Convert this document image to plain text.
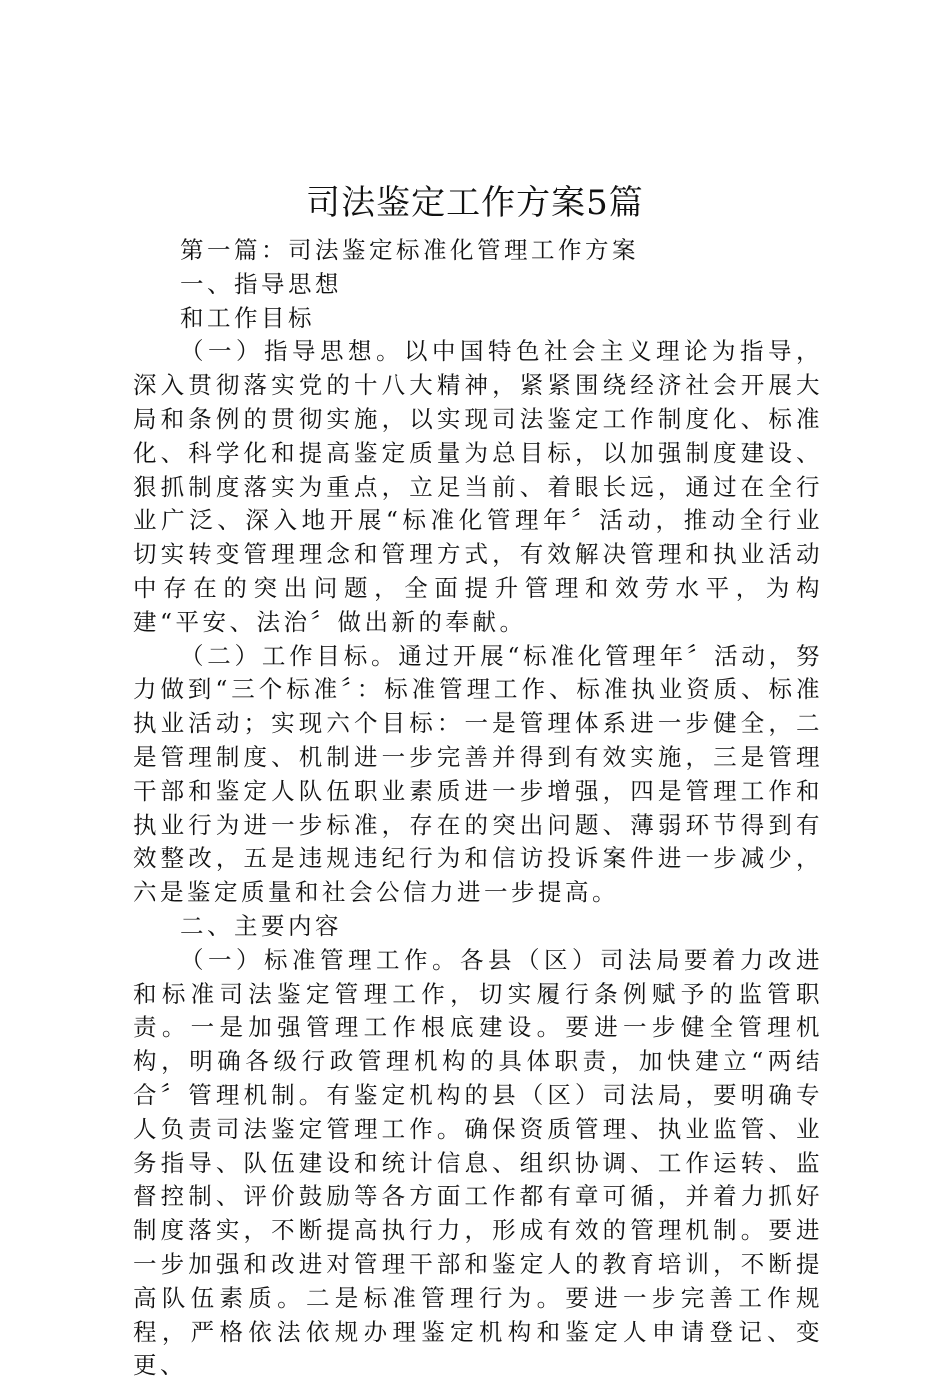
司法鉴定工作方案5篇

第一篇：司法鉴定标准化管理工作方案

一、指导思想

和工作目标

（一）指导思想。以中国特色社会主义理论为指导，深入贯彻落实党的十八大精神，紧紧围绕经济社会开展大局和条例的贯彻实施，以实现司法鉴定工作制度化、标准化、科学化和提高鉴定质量为总目标，以加强制度建设、狠抓制度落实为重点，立足当前、着眼长远，通过在全行业广泛、深入地开展“标准化管理年〞活动，推动全行业切实转变管理理念和管理方式，有效解决管理和执业活动中存在的突出问题，全面提升管理和效劳水平，为构建“平安、法治〞做出新的奉献。

（二）工作目标。通过开展“标准化管理年〞活动，努力做到“三个标准〞：标准管理工作、标准执业资质、标准执业活动；实现六个目标：一是管理体系进一步健全，二是管理制度、机制进一步完善并得到有效实施，三是管理干部和鉴定人队伍职业素质进一步增强，四是管理工作和执业行为进一步标准，存在的突出问题、薄弱环节得到有效整改，五是违规违纪行为和信访投诉案件进一步减少，六是鉴定质量和社会公信力进一步提高。

二、主要内容

（一）标准管理工作。各县（区）司法局要着力改进和标准司法鉴定管理工作，切实履行条例赋予的监管职责。一是加强管理工作根底建设。要进一步健全管理机构，明确各级行政管理机构的具体职责，加快建立“两结合〞管理机制。有鉴定机构的县（区）司法局，要明确专人负责司法鉴定管理工作。确保资质管理、执业监管、业务指导、队伍建设和统计信息、组织协调、工作运转、监督控制、评价鼓励等各方面工作都有章可循，并着力抓好制度落实，不断提高执行力，形成有效的管理机制。要进一步加强和改进对管理干部和鉴定人的教育培训，不断提高队伍素质。二是标准管理行为。要进一步完善工作规程，严格依法依规办理鉴定机构和鉴定人申请登记、变更、
